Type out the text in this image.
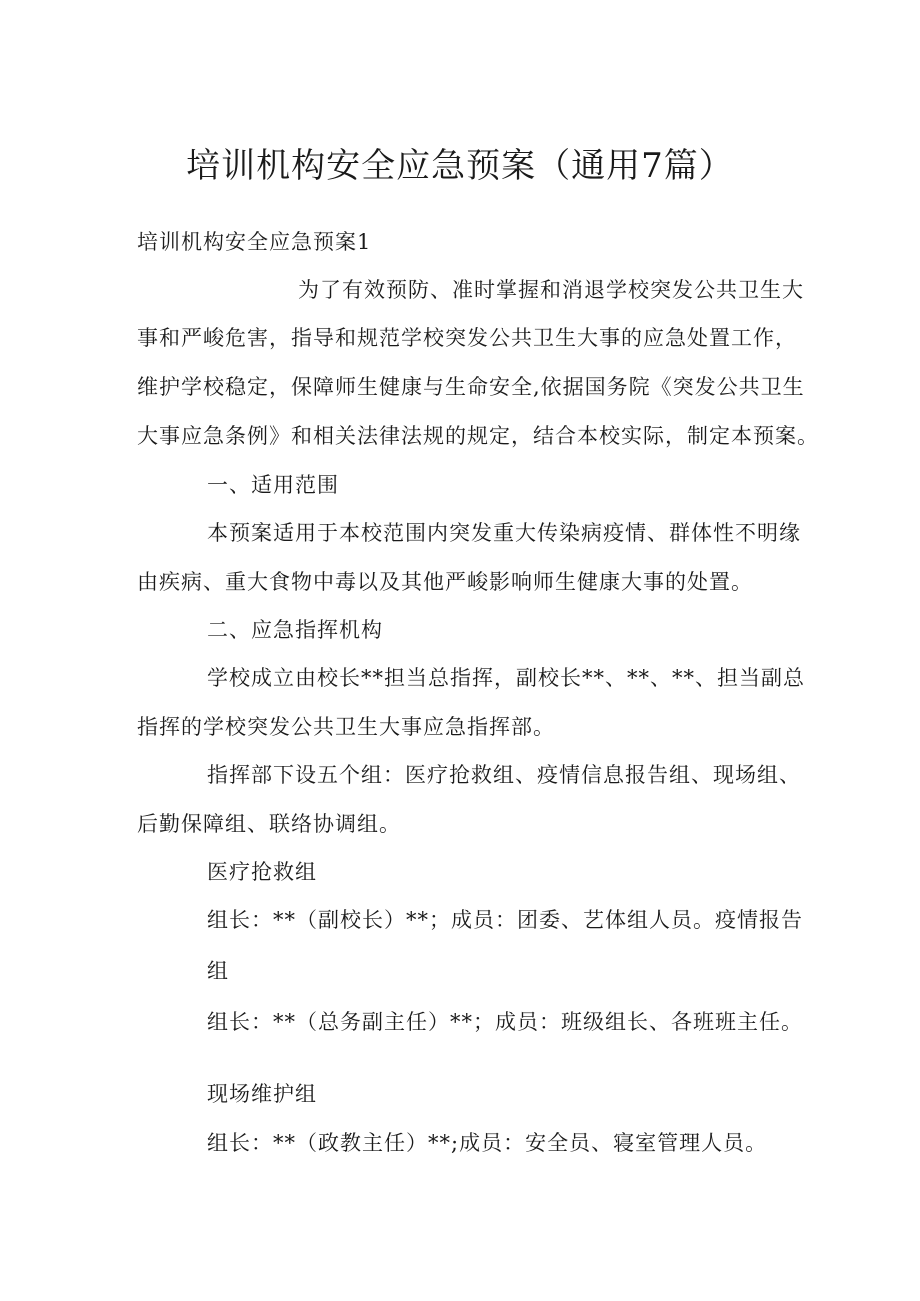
培训机构安全应急预案（通用7篇）
培训机构安全应急预案1
为了有效预防、准时掌握和消退学校突发公共卫生大
事和严峻危害，指导和规范学校突发公共卫生大事的应急处置工作，
维护学校稳定，保障师生健康与生命安全,依据国务院《突发公共卫生
大事应急条例》和相关法律法规的规定，结合本校实际，制定本预案。
一、适用范围
本预案适用于本校范围内突发重大传染病疫情、群体性不明缘
由疾病、重大食物中毒以及其他严峻影响师生健康大事的处置。
二、应急指挥机构
学校成立由校长**担当总指挥，副校长**、**、**、担当副总
指挥的学校突发公共卫生大事应急指挥部。
指挥部下设五个组：医疗抢救组、疫情信息报告组、现场组、
后勤保障组、联络协调组。
医疗抢救组
组长：**（副校长）**；成员：团委、艺体组人员。疫情报告
组
组长：**（总务副主任）**；成员：班级组长、各班班主任。
现场维护组
组长：**（政教主任）**;成员：安全员、寝室管理人员。
